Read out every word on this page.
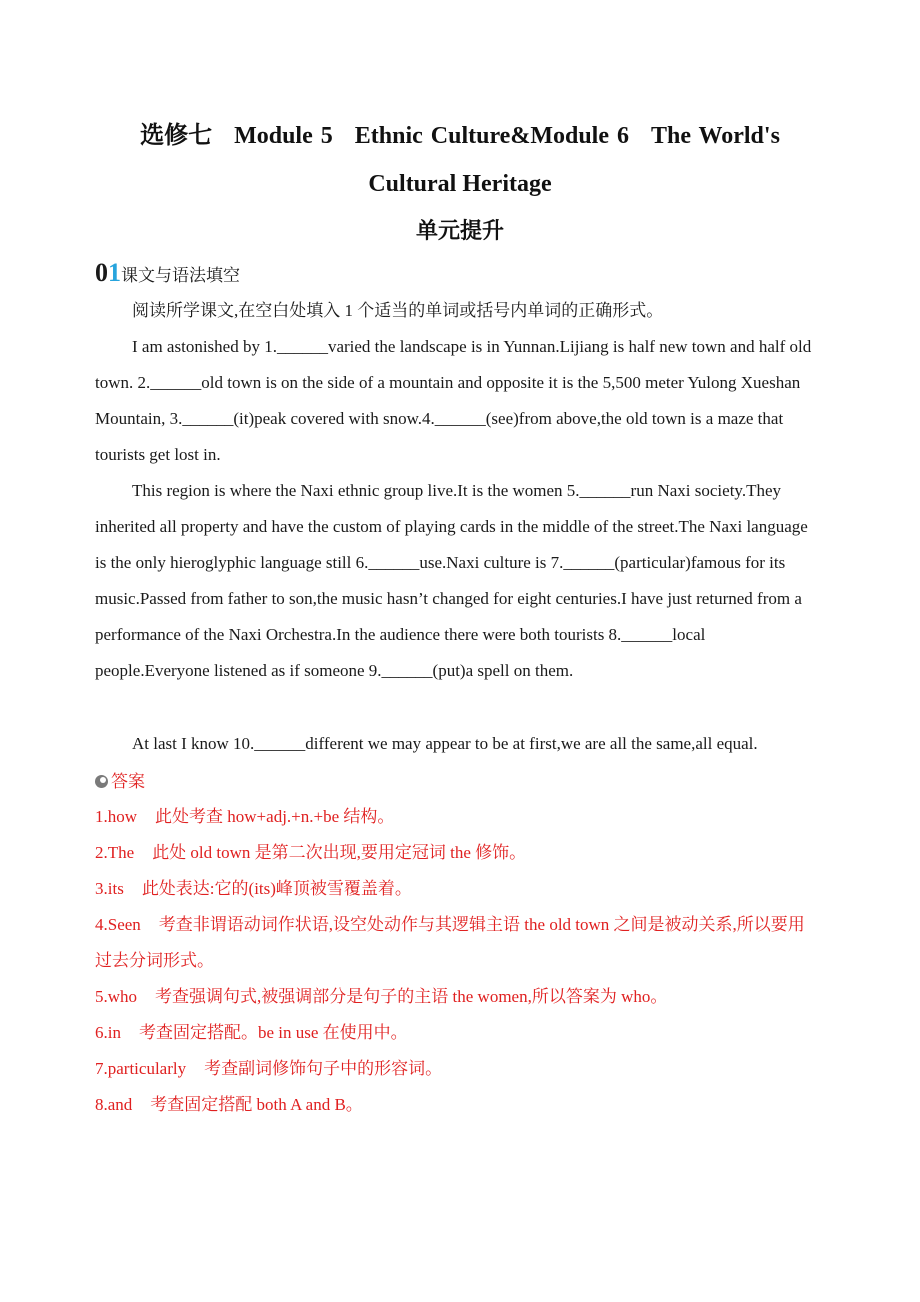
选修七 Module 5 Ethnic Culture&Module 6 The World's
Cultural Heritage
单元提升
01课文与语法填空
阅读所学课文,在空白处填入 1 个适当的单词或括号内单词的正确形式。
I am astonished by 1.______varied the landscape is in Yunnan.Lijiang is half new town and half old town. 2.______old town is on the side of a mountain and opposite it is the 5,500 meter Yulong Xueshan Mountain, 3.______(it)peak covered with snow.4.______(see)from above,the old town is a maze that tourists get lost in.
This region is where the Naxi ethnic group live.It is the women 5.______run Naxi society.They inherited all property and have the custom of playing cards in the middle of the street.The Naxi language is the only hieroglyphic language still 6.______use.Naxi culture is 7.______(particular)famous for its music.Passed from father to son,the music hasn’t changed for eight centuries.I have just returned from a performance of the Naxi Orchestra.In the audience there were both tourists 8.______local people.Everyone listened as if someone 9.______(put)a spell on them.
At last I know 10.______different we may appear to be at first,we are all the same,all equal.
答案
1.how 此处考查 how+adj.+n.+be 结构。
2.The 此处 old town 是第二次出现,要用定冠词 the 修饰。
3.its 此处表达:它的(its)峰顶被雪覆盖着。
4.Seen 考查非谓语动词作状语,设空处动作与其逻辑主语 the old town 之间是被动关系,所以要用过去分词形式。
5.who 考查强调句式,被强调部分是句子的主语 the women,所以答案为 who。
6.in 考查固定搭配。be in use 在使用中。
7.particularly 考查副词修饰句子中的形容词。
8.and 考查固定搭配 both A and B。
